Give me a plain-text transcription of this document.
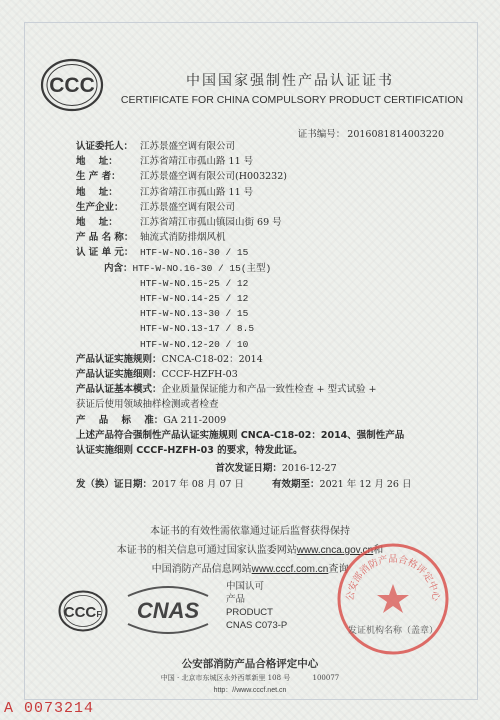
CCC	中国国家强制性产品认证证书
CERTIFICATE FOR CHINA COMPULSORY PRODUCT CERTIFICATION
证书编号： 2016081814003220
认证委托人： 江苏景盛空调有限公司
地    址：	江苏省靖江市孤山路 11 号
生 产 者：	江苏景盛空调有限公司(H003232)
地    址：	江苏省靖江市孤山路 11 号
生产企业：	江苏景盛空调有限公司
地    址：	江苏省靖江市孤山镇园山街 69 号
产 品 名 称： 轴流式消防排烟风机
认 证 单 元： HTF-W-NO.16-30 / 15
内含： HTF-W-NO.16-30 / 15(主型)
HTF-W-NO.15-25 / 12
HTF-W-NO.14-25 / 12
HTF-W-NO.13-30 / 15
HTF-W-NO.13-17 / 8.5
HTF-W-NO.12-20 / 10
产品认证实施规则： CNCA-C18-02：2014
产品认证实施细则： CCCF-HZFH-03
产品认证基本模式： 企业质量保证能力和产品一致性检查 + 型式试验 +
获证后使用领域抽样检测或者检查
产    品    标    准： GA 211-2009
上述产品符合强制性产品认证实施规则 CNCA-C18-02：2014、强制性产品
认证实施细则 CCCF-HZFH-03 的要求，特发此证。
首次发证日期：2016-12-27
发（换）证日期：2017 年 08 月 07 日	有效期至：2021 年 12 月 26 日
本证书的有效性需依靠通过证后监督获得保持
本证书的相关信息可通过国家认监委网站www.cnca.gov.cn和
中国消防产品信息网站www.cccf.com.cn查询
CCC F CNAS
中国认可
产品
PRODUCT
CNAS C073-P
公安部消防产品合格评定中心
发证机构名称（盖章）
公安部消防产品合格评定中心
中国 · 北京市东城区永外西革新里 108 号          100077
http：//www.cccf.net.cn
A 0073214
